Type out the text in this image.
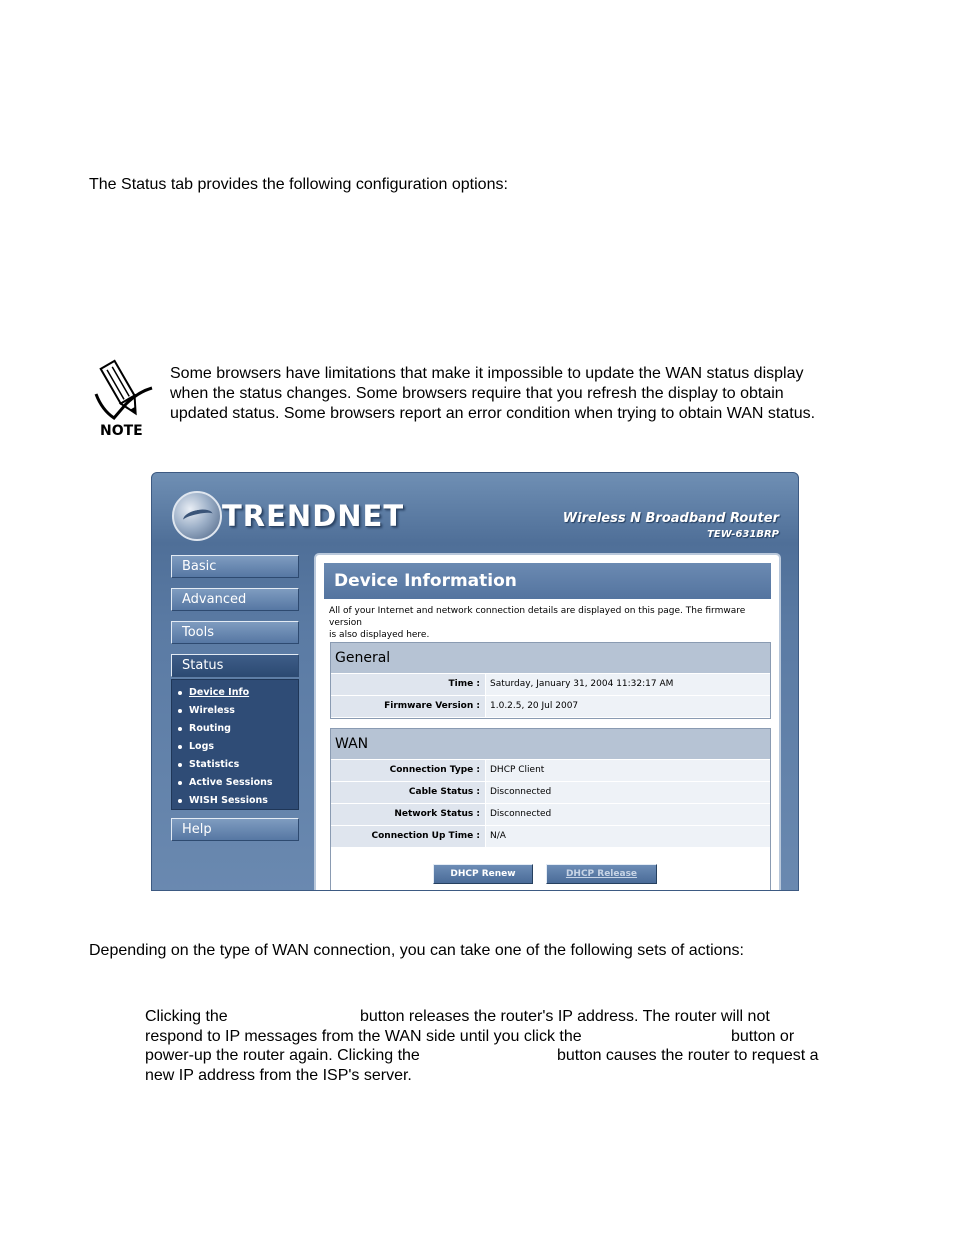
The Status tab provides the following configuration options:

NOTE
Some browsers have limitations that make it impossible to update the WAN status display
when the status changes. Some browsers require that you refresh the display to obtain
updated status. Some browsers report an error condition when trying to obtain WAN status.
TRENDNET	Wireless N Broadband Router
TEW-631BRP
Basic
Advanced
Tools
Status
Device Info
Wireless
Routing
Logs
Statistics
Active Sessions
WISH Sessions
Help
Device Information
All of your Internet and network connection details are displayed on this page. The firmware version
is also displayed here.
General
Time :	Saturday, January 31, 2004 11:32:17 AM
Firmware Version :	1.0.2.5, 20 Jul 2007
WAN
Connection Type :	DHCP Client
Cable Status :	Disconnected
Network Status :	Disconnected
Connection Up Time :	N/A
DHCP Renew	DHCP Release

Depending on the type of WAN connection, you can take one of the following sets of actions:

Clicking the	button releases the router's IP address. The router will not
respond to IP messages from the WAN side until you click the	button or
power-up the router again. Clicking the	button causes the router to request a
new IP address from the ISP's server.
